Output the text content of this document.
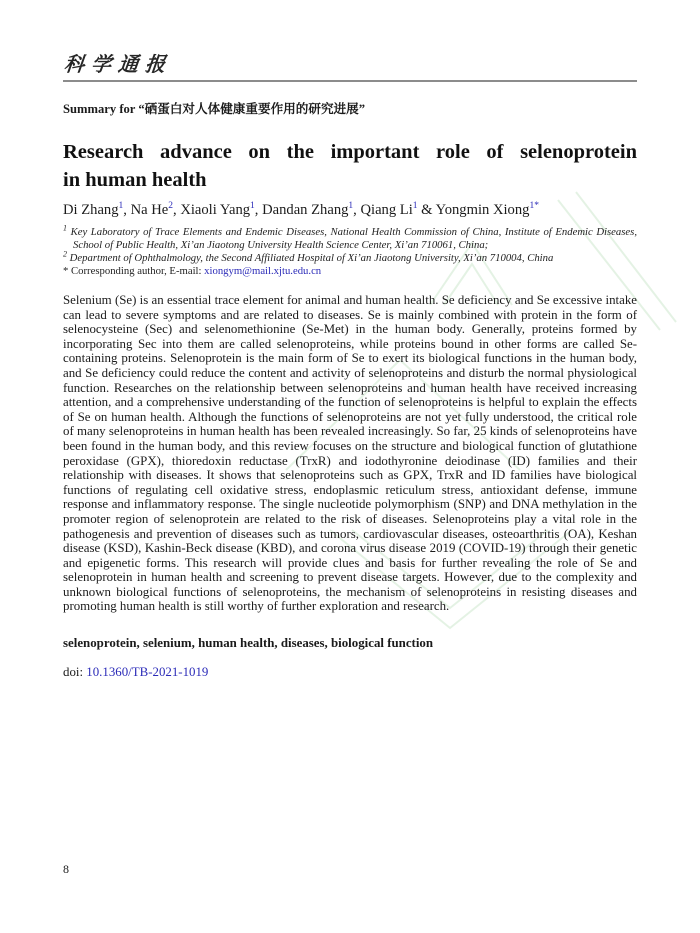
科学通报
Summary for “硒蛋白对人体健康重要作用的研究进展”
Research advance on the important role of selenoprotein
in human health
Di Zhang$^1$, Na He$^2$, Xiaoli Yang$^1$, Dandan Zhang$^1$, Qiang Li$^1$ & Yongmin Xiong$^{1*}$
$^1$ Key Laboratory of Trace Elements and Endemic Diseases, National Health Commission of China, Institute of Endemic Diseases, School of Public Health, Xi’an Jiaotong University Health Science Center, Xi’an 710061, China;
$^2$ Department of Ophthalmology, the Second Affiliated Hospital of Xi’an Jiaotong University, Xi’an 710004, China
* Corresponding author, E-mail: xiongym@mail.xjtu.edu.cn

Selenium (Se) is an essential trace element for animal and human health. Se deficiency and Se excessive intake can lead to severe symptoms and are related to diseases. Se is mainly combined with protein in the form of selenocysteine (Sec) and selenomethionine (Se-Met) in the human body. Generally, proteins formed by incorporating Sec into them are called selenoproteins, while proteins bound in other forms are called Se-containing proteins. Selenoprotein is the main form of Se to exert its biological functions in the human body, and Se deficiency could reduce the content and activity of selenoproteins and disturb the normal physiological function. Researches on the relationship between selenoproteins and human health have received increasing attention, and a comprehensive understanding of the function of selenoproteins is helpful to explain the effects of Se on human health. Although the functions of selenoproteins are not yet fully understood, the critical role of many selenoproteins in human health has been revealed increasingly. So far, 25 kinds of selenoproteins have been found in the human body, and this review focuses on the structure and biological function of glutathione peroxidase (GPX), thioredoxin reductase (TrxR) and iodothyronine deiodinase (ID) families and their relationship with diseases. It shows that selenoproteins such as GPX, TrxR and ID families have biological functions of regulating cell oxidative stress, endoplasmic reticulum stress, antioxidant defense, immune response and inflammatory response. The single nucleotide polymorphism (SNP) and DNA methylation in the promoter region of selenoprotein are related to the risk of diseases. Selenoproteins play a vital role in the pathogenesis and prevention of diseases such as tumors, cardiovascular diseases, osteoarthritis (OA), Keshan disease (KSD), Kashin-Beck disease (KBD), and corona virus disease 2019 (COVID-19) through their genetic and epigenetic forms. This research will provide clues and basis for further revealing the role of Se and selenoprotein in human health and screening to prevent disease targets. However, due to the complexity and unknown biological functions of selenoproteins, the mechanism of selenoproteins in resisting diseases and promoting human health is still worthy of further exploration and research.

selenoprotein, selenium, human health, diseases, biological function

doi: 10.1360/TB-2021-1019

8
